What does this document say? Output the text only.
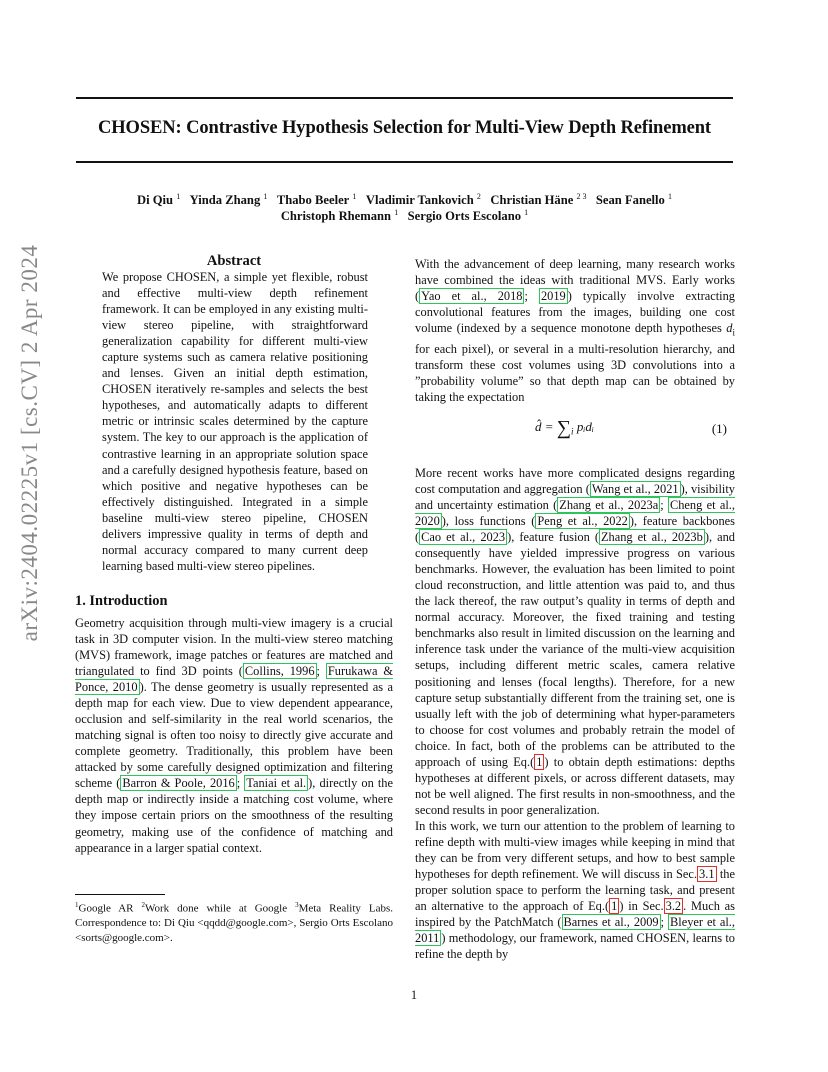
CHOSEN: Contrastive Hypothesis Selection for Multi-View Depth Refinement
Di Qiu $^1$ Yinda Zhang $^1$ Thabo Beeler $^1$ Vladimir Tankovich $^2$ Christian Häne $^{2 3}$ Sean Fanello $^1$
Christoph Rhemann $^1$ Sergio Orts Escolano $^1$
arXiv:2404.02225v1 [cs.CV] 2 Apr 2024	Abstract

We propose CHOSEN, a simple yet flexible, robust and effective multi-view depth refinement framework. It can be employed in any existing multi-view stereo pipeline, with straightforward generalization capability for different multi-view capture systems such as camera relative positioning and lenses. Given an initial depth estimation, CHOSEN iteratively re-samples and selects the best hypotheses, and automatically adapts to different metric or intrinsic scales determined by the capture system. The key to our approach is the application of contrastive learning in an appropriate solution space and a carefully designed hypothesis feature, based on which positive and negative hypotheses can be effectively distinguished. Integrated in a simple baseline multi-view stereo pipeline, CHOSEN delivers impressive quality in terms of depth and normal accuracy compared to many current deep learning based multi-view stereo pipelines.

1. Introduction

Geometry acquisition through multi-view imagery is a crucial task in 3D computer vision. In the multi-view stereo matching (MVS) framework, image patches or features are matched and triangulated to find 3D points ( Collins, 1996 ; Furukawa & Ponce, 2010 ). The dense geometry is usually represented as a depth map for each view. Due to view dependent appearance, occlusion and self-similarity in the real world scenarios, the matching signal is often too noisy to directly give accurate and complete geometry. Traditionally, this problem have been attacked by some carefully designed optimization and filtering scheme ( Barron & Poole, 2016 ; Taniai et al. ), directly on the depth map or indirectly inside a matching cost volume, where they impose certain priors on the smoothness of the resulting geometry, making use of the confidence of matching and appearance in a larger spatial context.

$^1$Google AR $^2$Work done while at Google $^3$Meta Reality Labs. Correspondence to: Di Qiu <qqdd@google.com>, Sergio Orts Escolano <sorts@google.com>.

With the advancement of deep learning, many research works have combined the ideas with traditional MVS. Early works ( Yao et al., 2018 ; 2019 ) typically involve extracting convolutional features from the images, building one cost volume (indexed by a sequence monotone depth hypotheses $d_i$ for each pixel), or several in a multi-resolution hierarchy, and transform these cost volumes using 3D convolutions into a ”probability volume” so that depth map can be obtained by taking the expectation

d̂ = $\sum_i$ pᵢdᵢ	(1)

More recent works have more complicated designs regarding cost computation and aggregation ( Wang et al., 2021 ), visibility and uncertainty estimation ( Zhang et al., 2023a ; Cheng et al., 2020 ), loss functions ( Peng et al., 2022 ), feature backbones ( Cao et al., 2023 ), feature fusion ( Zhang et al., 2023b ), and consequently have yielded impressive progress on various benchmarks. However, the evaluation has been limited to point cloud reconstruction, and little attention was paid to, and thus the lack thereof, the raw output’s quality in terms of depth and normal accuracy. Moreover, the fixed training and testing benchmarks also result in limited discussion on the learning and inference task under the variance of the multi-view acquisition setups, including different metric scales, camera relative positioning and lenses (focal lengths). Therefore, for a new capture setup substantially different from the training set, one is usually left with the job of determining what hyper-parameters to choose for cost volumes and probably retrain the model of choice. In fact, both of the problems can be attributed to the approach of using Eq.( 1 ) to obtain depth estimations: depths hypotheses at different pixels, or across different datasets, may not be well aligned. The first results in non-smoothness, and the second results in poor generalization.

In this work, we turn our attention to the problem of learning to refine depth with multi-view images while keeping in mind that they can be from very different setups, and how to best sample hypotheses for depth refinement. We will discuss in Sec. 3.1 the proper solution space to perform the learning task, and present an alternative to the approach of Eq.( 1 ) in Sec. 3.2 . Much as inspired by the PatchMatch ( Barnes et al., 2009 ; Bleyer et al., 2011 ) methodology, our framework, named CHOSEN, learns to refine the depth by

1
